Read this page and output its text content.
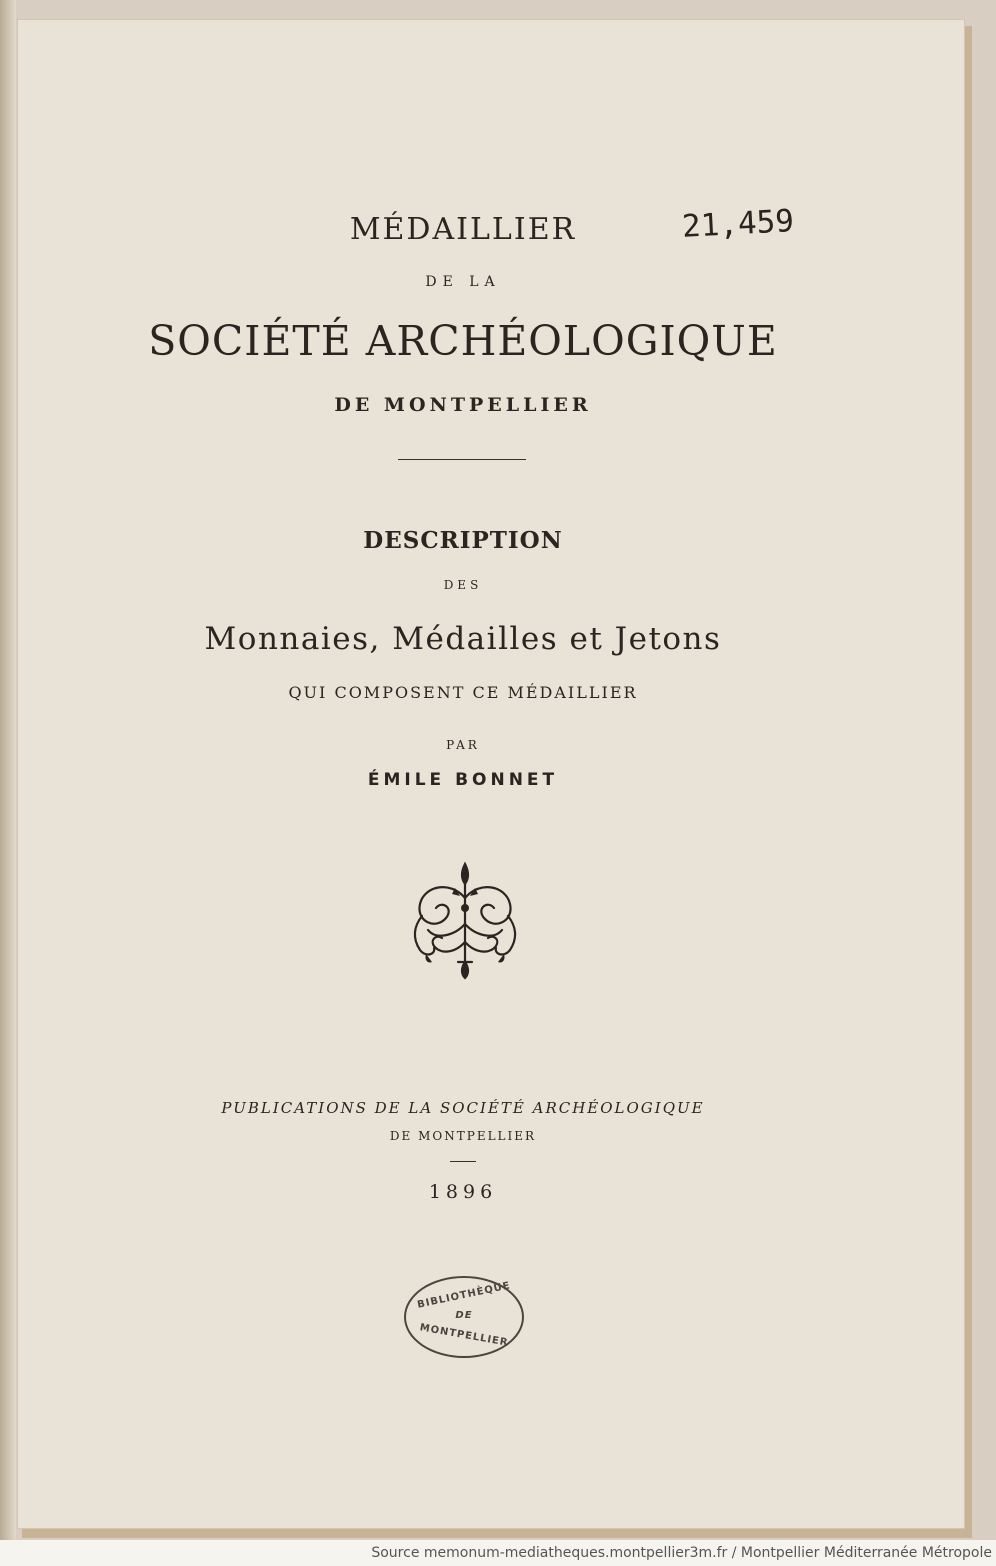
MÉDAILLIER
DE LA
SOCIÉTÉ ARCHÉOLOGIQUE
DE MONTPELLIER
DESCRIPTION
DES
Monnaies, Médailles et Jetons
QUI COMPOSENT CE MÉDAILLIER
PAR
ÉMILE BONNET
PUBLICATIONS DE LA SOCIÉTÉ ARCHÉOLOGIQUE
DE MONTPELLIER
1896
21,459
BIBLIOTHÈQUE
DE
MONTPELLIER
Source memonum-mediatheques.montpellier3m.fr / Montpellier Méditerranée Métropole
